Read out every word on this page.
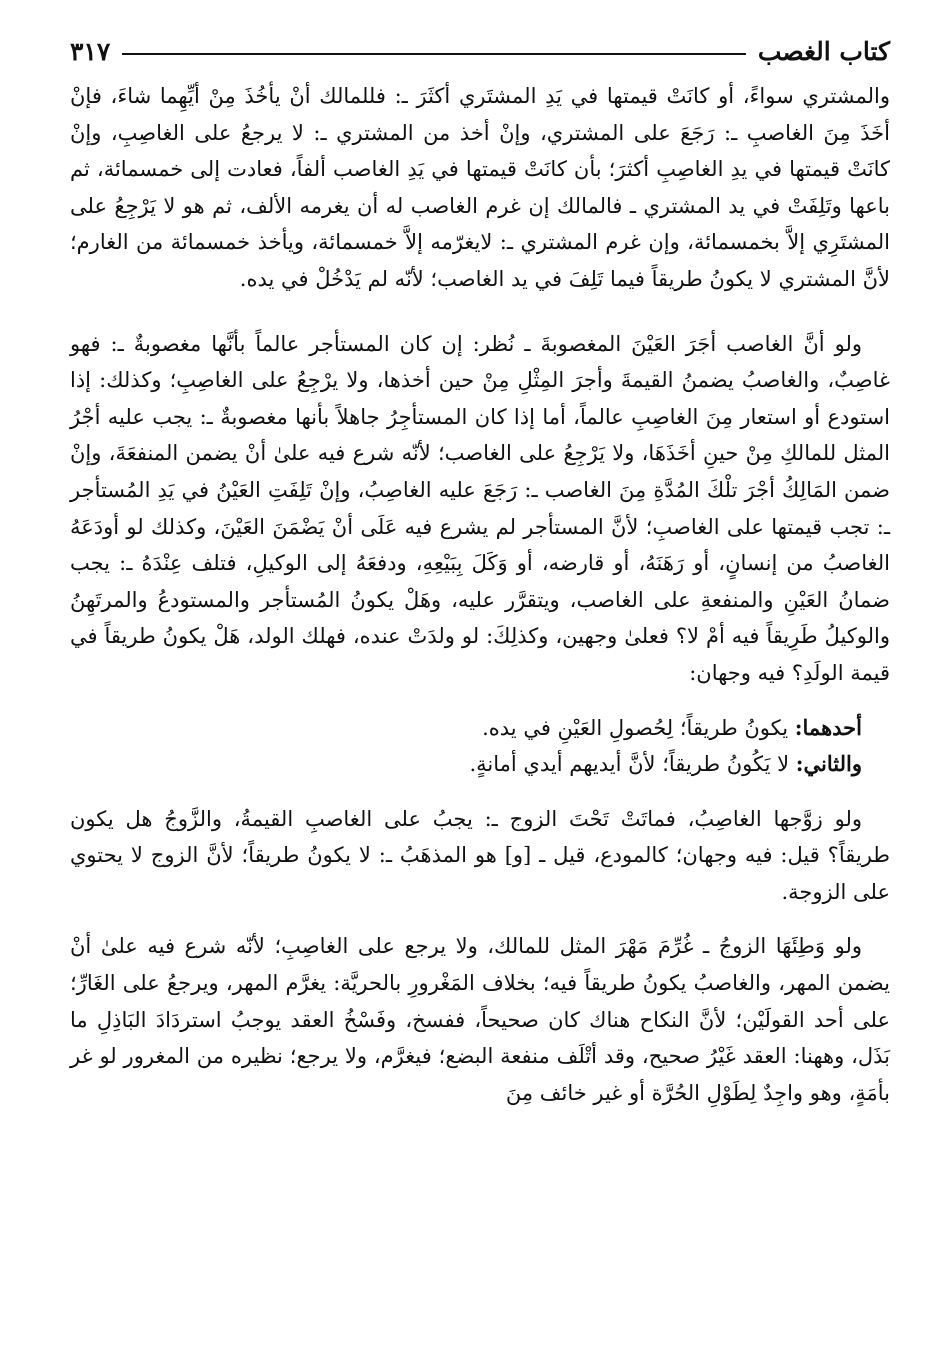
كتاب الغصب
٣١٧

والمشتري سواءً، أو كانَتْ قيمتها في يَدِ المشتَري أكثَرَ ـ: فللمالك أنْ يأخُذَ مِنْ أيِّهِما شاءَ، فإنْ أخَذَ مِنَ الغاصبِ ـ: رَجَعَ على المشتري، وإنْ أخذ من المشتري ـ: لا يرجعُ على الغاصِبِ، وإنْ كانَتْ قيمتها في يدِ الغاصِبِ أكثرَ؛ بأن كانَتْ قيمتها في يَدِ الغاصب ألفاً، فعادت إلى خمسمائة، ثم باعها وتَلِفَتْ في يد المشتري ـ فالمالك إن غرم الغاصب له أن يغرمه الألف، ثم هو لا يَرْجِعُ على المشتَرِي إلاَّ بخمسمائة، وإن غرم المشتري ـ: لايغرّمه إلاَّ خمسمائة، ويأخذ خمسمائة من الغارم؛ لأنَّ المشتري لا يكونُ طريقاً فيما تَلِفَ في يد الغاصب؛ لأنّه لم يَدْخُلْ في يده.

ولو أنَّ الغاصب أجَرَ العَيْنَ المغصوبةَ ـ نُظر: إن كان المستأجر عالماً بأنَّها مغصوبةٌ ـ: فهو غاصِبٌ، والغاصبُ يضمنُ القيمةَ وأجرَ المِثْلِ مِنْ حين أخذها، ولا يرْجِعُ على الغاصِبِ؛ وكذلك: إذا استودع أو استعار مِنَ الغاصِبِ عالماً، أما إذا كان المستأجِرُ جاهلاً بأنها مغصوبةٌ ـ: يجب عليه أجْرُ المثل للمالكِ مِنْ حينِ أخَذَهَا، ولا يَرْجِعُ على الغاصب؛ لأنّه شرع فيه علىٰ أنْ يضمن المنفعَةَ، وإنْ ضمن المَالِكُ أجْرَ تلْكَ المُدَّةِ مِنَ الغاصب ـ: رَجَعَ عليه الغاصِبُ، وإنْ تَلِفَتِ العَيْنُ في يَدِ المُستأجر ـ: تجب قيمتها على الغاصبِ؛ لأنَّ المستأجر لم يشرع فيه عَلَى أنْ يَضْمَنَ العَيْنَ، وكذلك لو أودَعَهُ الغاصبُ من إنسانٍ، أو رَهَنَهُ، أو قارضه، أو وَكَلَ بِبَيْعِهِ، ودفعَهُ إلى الوكيلِ، فتلف عِنْدَهُ ـ: يجب ضمانُ العَيْنِ والمنفعةِ على الغاصب، ويتقرَّر عليه، وهَلْ يكونُ المُستأجر والمستودعُ والمرتَهِنُ والوكيلُ طَرِيقاً فيه أمْ لا؟ فعلىٰ وجهين، وكذلِكَ: لو ولدَتْ عنده، فهلك الولد، هَلْ يكونُ طريقاً في قيمة الولَدِ؟ فيه وجهان:

أحدهما: يكونُ طريقاً؛ لِحُصولِ العَيْنِ في يده.

والثاني: لا يَكُونُ طريقاً؛ لأنَّ أيديهم أيدي أمانةٍ.

ولو زوَّجها الغاصِبُ، فماتَتْ تَحْتَ الزوج ـ: يجبُ على الغاصبِ القيمةُ، والزَّوجُ هل يكون طريقاً؟ قيل: فيه وجهان؛ كالمودع، قيل ـ [و] هو المذهَبُ ـ: لا يكونُ طريقاً؛ لأنَّ الزوج لا يحتوي على الزوجة.

ولو وَطِئَهَا الزوجُ ـ غُرِّمَ مَهْرَ المثل للمالك، ولا يرجع على الغاصِبِ؛ لأنّه شرع فيه علىٰ أنْ يضمن المهر، والغاصبُ يكونُ طريقاً فيه؛ بخلاف المَغْرورِ بالحريَّة: يغرَّم المهر، ويرجعُ على الغَارِّ؛ على أحد القولَيْن؛ لأنَّ النكاح هناك كان صحيحاً، ففسخ، وفَسْخُ العقد يوجبُ استردَادَ البَاذِلِ ما بَذَل، وههنا: العقد غَيْرُ صحيح، وقد أتْلَف منفعة البضع؛ فيغرَّم، ولا يرجع؛ نظيره من المغرور لو غر بأمَةٍ، وهو واجِدٌ لِطَوْلِ الحُرَّة أو غير خائف مِنَ
